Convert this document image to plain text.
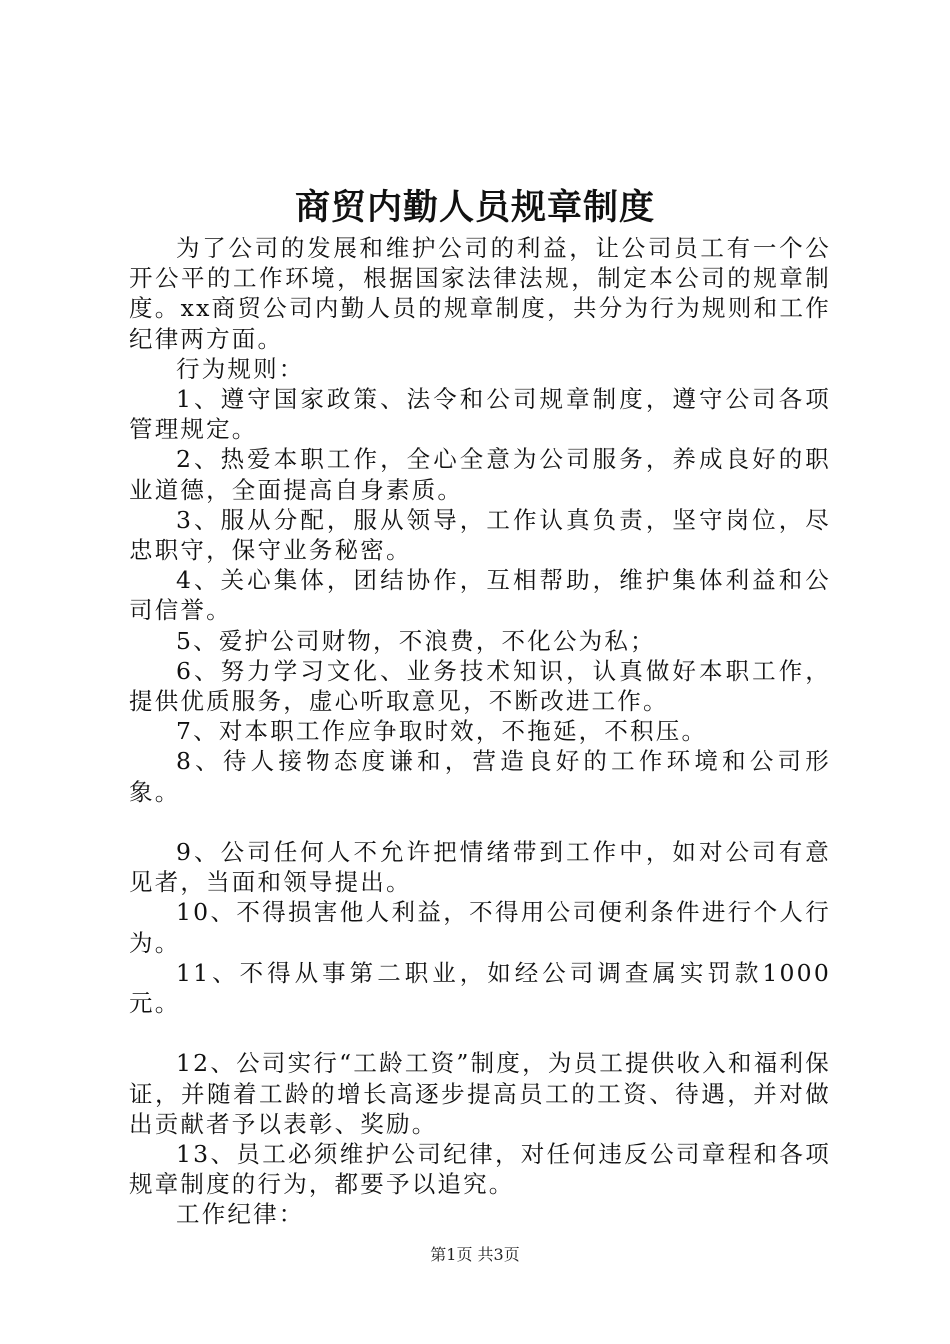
商贸内勤人员规章制度

为了公司的发展和维护公司的利益，让公司员工有一个公开公平的工作环境，根据国家法律法规，制定本公司的规章制度。xx商贸公司内勤人员的规章制度，共分为行为规则和工作纪律两方面。

行为规则：

1、遵守国家政策、法令和公司规章制度，遵守公司各项管理规定。

2、热爱本职工作，全心全意为公司服务，养成良好的职业道德，全面提高自身素质。

3、服从分配，服从领导，工作认真负责，坚守岗位，尽忠职守，保守业务秘密。

4、关心集体，团结协作，互相帮助，维护集体利益和公司信誉。

5、爱护公司财物，不浪费，不化公为私；

6、努力学习文化、业务技术知识，认真做好本职工作，提供优质服务，虚心听取意见，不断改进工作。

7、对本职工作应争取时效，不拖延，不积压。

8、待人接物态度谦和，营造良好的工作环境和公司形象。

9、公司任何人不允许把情绪带到工作中，如对公司有意见者，当面和领导提出。

10、不得损害他人利益，不得用公司便利条件进行个人行为。

11、不得从事第二职业，如经公司调查属实罚款1000元。

12、公司实行“工龄工资”制度，为员工提供收入和福利保证，并随着工龄的增长高逐步提高员工的工资、待遇，并对做出贡献者予以表彰、奖励。

13、员工必须维护公司纪律，对任何违反公司章程和各项规章制度的行为，都要予以追究。

工作纪律：

第1页 共3页
